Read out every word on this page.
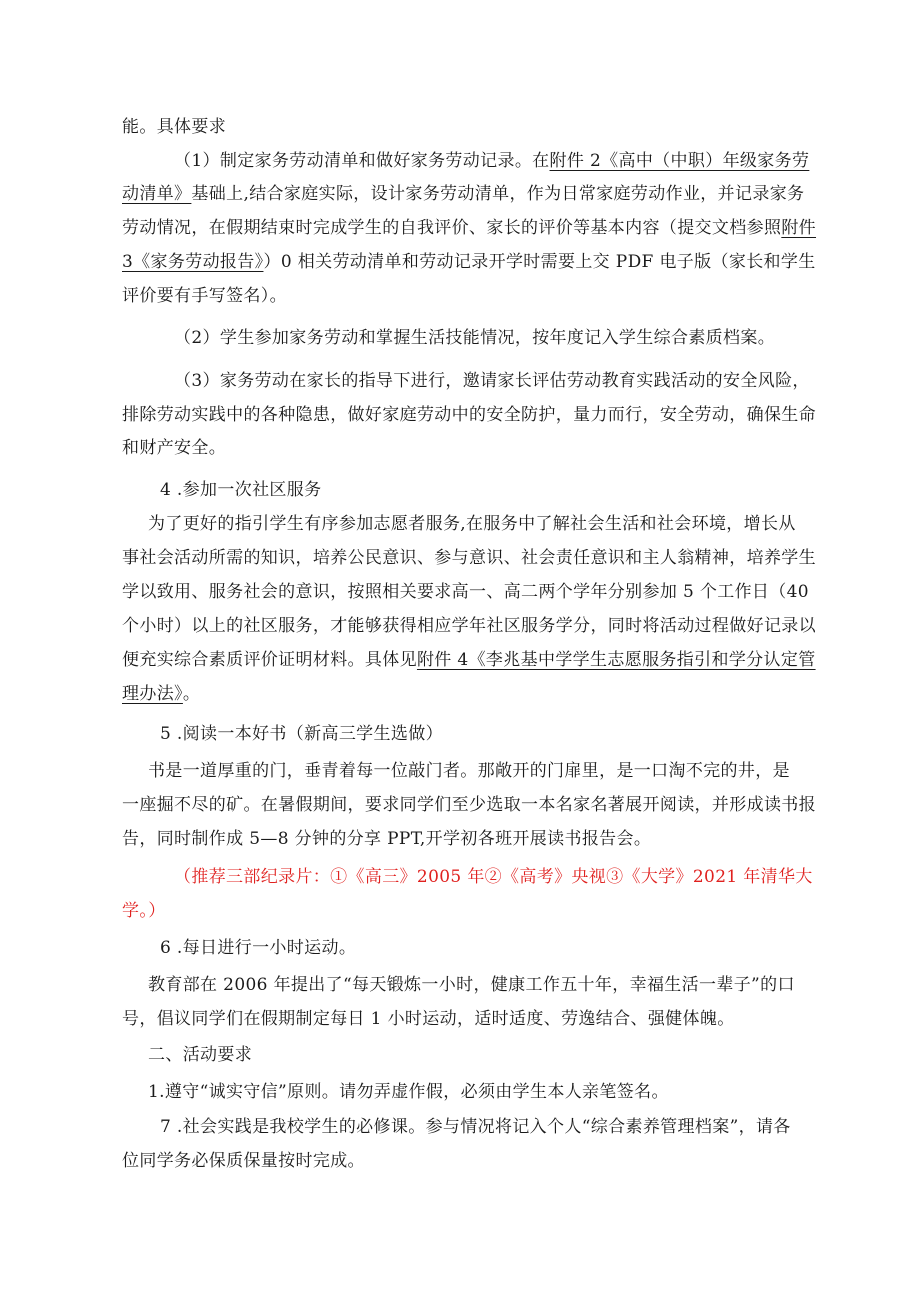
能。具体要求
（1）制定家务劳动清单和做好家务劳动记录。在附件 2《高中（中职）年级家务劳
动清单》基础上,结合家庭实际，设计家务劳动清单，作为日常家庭劳动作业，并记录家务
劳动情况，在假期结束时完成学生的自我评价、家长的评价等基本内容（提交文档参照附件
3《家务劳动报告》）0 相关劳动清单和劳动记录开学时需要上交 PDF 电子版（家长和学生
评价要有手写签名）。
（2）学生参加家务劳动和掌握生活技能情况，按年度记入学生综合素质档案。
（3）家务劳动在家长的指导下进行，邀请家长评估劳动教育实践活动的安全风险，
排除劳动实践中的各种隐患，做好家庭劳动中的安全防护，量力而行，安全劳动，确保生命
和财产安全。
4 .参加一次社区服务
为了更好的指引学生有序参加志愿者服务,在服务中了解社会生活和社会环境，增长从
事社会活动所需的知识，培养公民意识、参与意识、社会责任意识和主人翁精神，培养学生
学以致用、服务社会的意识，按照相关要求高一、高二两个学年分别参加 5 个工作日（40
个小时）以上的社区服务，才能够获得相应学年社区服务学分，同时将活动过程做好记录以
便充实综合素质评价证明材料。具体见附件 4《李兆基中学学生志愿服务指引和学分认定管
理办法》。
5 .阅读一本好书（新高三学生选做）
书是一道厚重的门，垂青着每一位敲门者。那敞开的门扉里，是一口淘不完的井，是
一座掘不尽的矿。在暑假期间，要求同学们至少选取一本名家名著展开阅读，并形成读书报
告，同时制作成 5—8 分钟的分享 PPT,开学初各班开展读书报告会。
（推荐三部纪录片：①《高三》2005 年②《高考》央视③《大学》2021 年清华大
学。）
6 .每日进行一小时运动。
教育部在 2006 年提出了“每天锻炼一小时，健康工作五十年，幸福生活一辈子”的口
号，倡议同学们在假期制定每日 1 小时运动，适时适度、劳逸结合、强健体魄。
二、活动要求
1.遵守“诚实守信”原则。请勿弄虚作假，必须由学生本人亲笔签名。
7 .社会实践是我校学生的必修课。参与情况将记入个人“综合素养管理档案”，请各
位同学务必保质保量按时完成。
